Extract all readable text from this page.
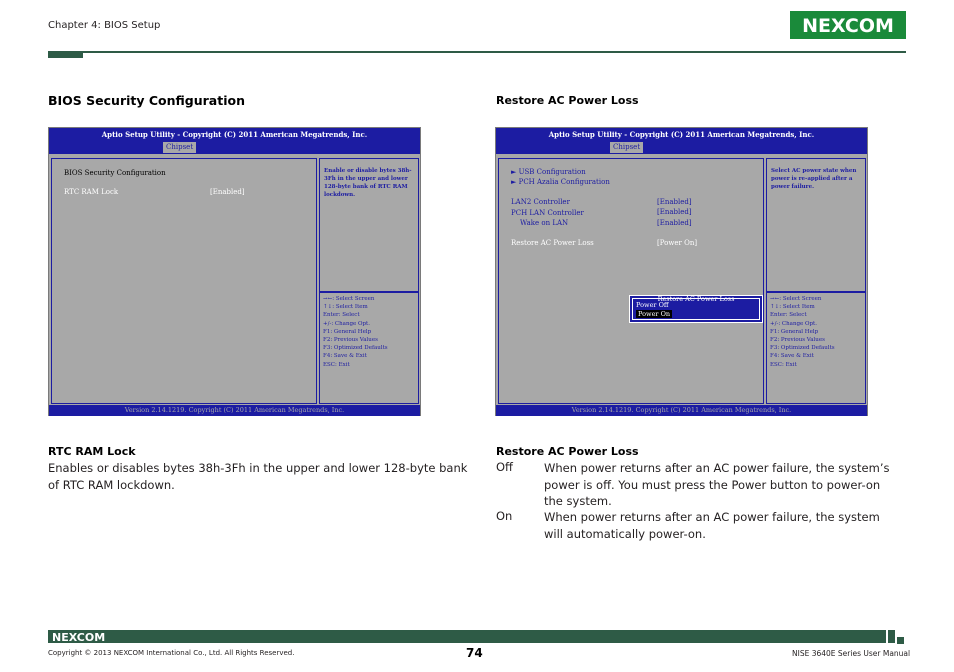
Chapter 4: BIOS Setup	NEXCOM
BIOS Security Configuration
Aptio Setup Utility - Copyright (C) 2011 American Megatrends, Inc.
Chipset
BIOS Security Configuration
RTC RAM Lock	[Enabled]
Enable or disable bytes 38h-3Fh in the upper and lower 128-byte bank of RTC RAM lockdown.
→←: Select Screen
↑↓: Select Item
Enter: Select
+/-: Change Opt.
F1: General Help
F2: Previous Values
F3: Optimized Defaults
F4: Save & Exit
ESC: Exit
Version 2.14.1219. Copyright (C) 2011 American Megatrends, Inc.
RTC RAM Lock
Enables or disables bytes 38h-3Fh in the upper and lower 128-byte bank of RTC RAM lockdown.
Restore AC Power Loss
Aptio Setup Utility - Copyright (C) 2011 American Megatrends, Inc.
Chipset
► USB Configuration
► PCH Azalia Configuration
LAN2 Controller	[Enabled]
PCH LAN Controller	[Enabled]
Wake on LAN	[Enabled]
Restore AC Power Loss	[Power On]
Restore AC Power Loss
Power Off
Power On
Select AC power state when power is re-applied after a power failure.
→←: Select Screen
↑↓: Select Item
Enter: Select
+/-: Change Opt.
F1: General Help
F2: Previous Values
F3: Optimized Defaults
F4: Save & Exit
ESC: Exit
Version 2.14.1219. Copyright (C) 2011 American Megatrends, Inc.
Restore AC Power Loss
Off	When power returns after an AC power failure, the system’s power is off. You must press the Power button to power-on the system.
On	When power returns after an AC power failure, the system will automatically power-on.
NEXCOM
Copyright © 2013 NEXCOM International Co., Ltd. All Rights Reserved.	74	NISE 3640E Series User Manual
